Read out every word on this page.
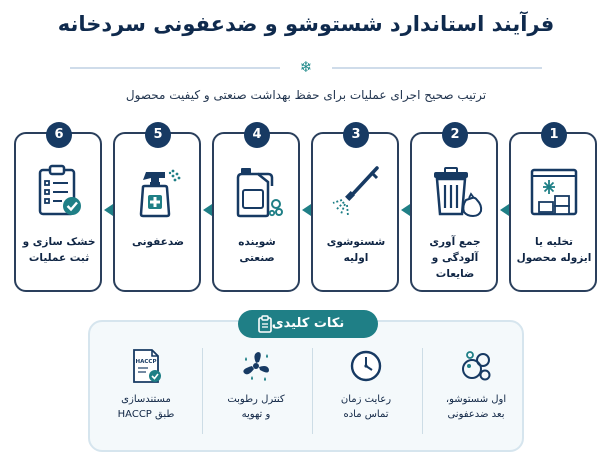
فرآیند استاندارد شستوشو و ضدعفونی سردخانه
❄
ترتیب صحیح اجرای عملیات برای حفظ بهداشت صنعتی و کیفیت محصول
6
خشک سازی و
ثبت عملیات
5
ضدعفونی
4
شوینده
صنعتی
3
شستوشوی
اولیه
2
جمع آوری
آلودگی و ضایعات
1
تخلیه یا
ایزوله محصول
نکات کلیدی
HACCP
مستندسازی
طبق HACCP
کنترل رطوبت
و تهویه
رعایت زمان
تماس ماده
اول شستوشو،
بعد ضدعفونی
